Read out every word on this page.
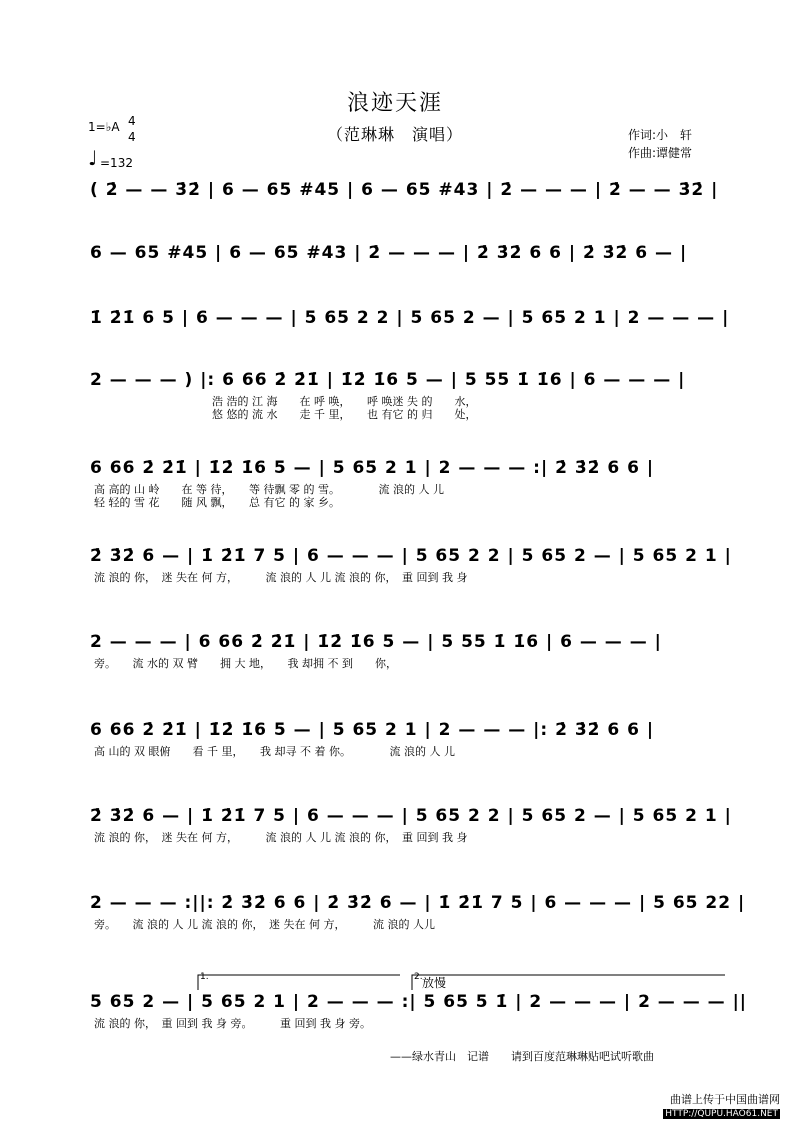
浪迹天涯
（范琳琳　演唱）	作词:小　轩
作曲:谭健常
1=♭A 4
4
♩ =132
( 2̇ — — 3̇2̇ | 6 — 65 #45 | 6 — 65 #43 | 2̇ — — — | 2̇ — — 3̇2̇ |
6 — 65 #45 | 6 — 65 #43 | 2̇ — — — | 2̇ 3̇2̇ 6 6 | 2̇ 3̇2̇ 6 — |
1̇ 2̇1̇ 6 5 | 6 — — — | 5 65 2 2 | 5 65 2 — | 5 65 2 1 | 2 — — — |
2 — — — ) |: 6 66 2̇ 2̇1̇ | 1̇2̇ 1̇6 5 — | 5 55 1̇ 1̇6 | 6 — — — |
浩 浩的 江 海　　在 呼 唤，　　呼 唤迷 失 的　　水，
悠 悠的 流 水　　走 千 里，　　也 有它 的 归　　处，
6 66 2̇ 2̇1̇ | 1̇2̇ 1̇6 5 — | 5 65 2 1 | 2 — — — :| 2̇ 3̇2̇ 6 6 |
高 高的 山 岭　　在 等 待，　　等 待飘 零 的 雪。　　　　流 浪的 人 儿
轻 轻的 雪 花　　随 风 飘，　　总 有它 的 家 乡。
2̇ 3̇2̇ 6 — | 1̇ 2̇1̇ 7 5 | 6 — — — | 5 65 2 2 | 5 65 2 — | 5 65 2 1 |
流 浪的 你，　迷 失在 何 方，　　　流 浪的 人 儿 流 浪的 你，　重 回到 我 身
2 — — — | 6 66 2̇ 2̇1̇ | 1̇2̇ 1̇6 5 — | 5 55 1̇ 1̇6 | 6 — — — |
旁。　　流 水的 双 臂　　拥 大 地，　　我 却拥 不 到　　你，
6 66 2̇ 2̇1̇ | 1̇2̇ 1̇6 5 — | 5 65 2 1 | 2 — — — |: 2̇ 3̇2̇ 6 6 |
高 山的 双 眼俯　　看 千 里，　　我 却寻 不 着 你。　　　　流 浪的 人 儿
2̇ 3̇2̇ 6 — | 1̇ 2̇1̇ 7 5 | 6 — — — | 5 65 2 2 | 5 65 2 — | 5 65 2 1 |
流 浪的 你，　迷 失在 何 方，　　　流 浪的 人 儿 流 浪的 你，　重 回到 我 身
2 — — — :||: 2̇ 3̇2̇ 6 6 | 2̇ 3̇2̇ 6 — | 1̇ 2̇1̇ 7 5 | 6 — — — | 5 65 22 |
旁。　　流 浪的 人 儿 流 浪的 你，　迷 失在 何 方，　　　流 浪的 人儿
5 65 2 — | 5 65 2 1 | 2 — — — :| 5 65 5 1̇ | 2 — — — | 2 — — — ||
流 浪的 你，　重 回到 我 身 旁。　　　重 回到 我 身 旁。
放慢
1.	2.
——绿水青山　记谱　　请到百度范琳琳贴吧试听歌曲
曲谱上传于中国曲谱网
HTTP://QUPU.HAO61.NET
